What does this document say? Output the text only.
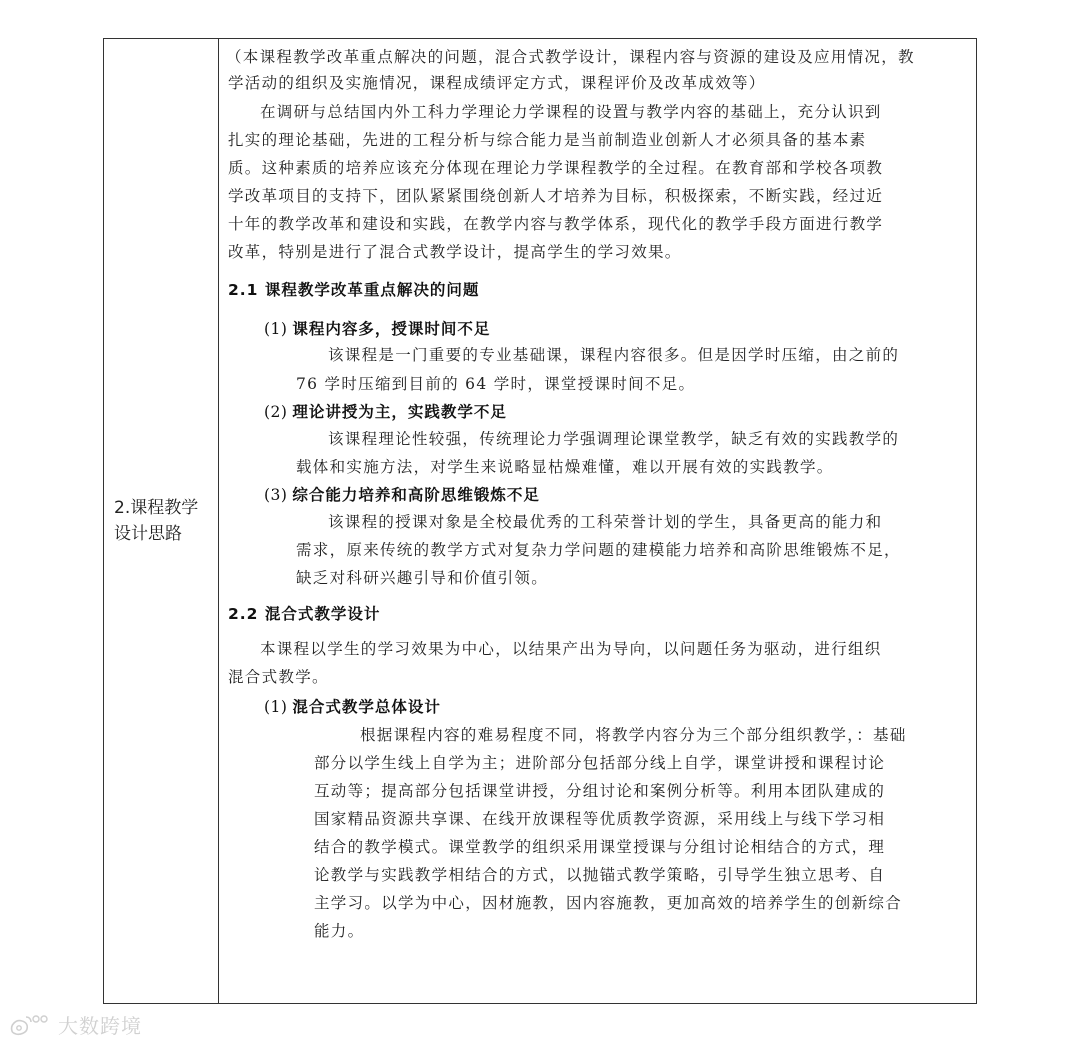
2.课程教学
设计思路
（本课程教学改革重点解决的问题，混合式教学设计，课程内容与资源的建设及应用情况，教
学活动的组织及实施情况，课程成绩评定方式，课程评价及改革成效等）
在调研与总结国内外工科力学理论力学课程的设置与教学内容的基础上，充分认识到
扎实的理论基础，先进的工程分析与综合能力是当前制造业创新人才必须具备的基本素
质。这种素质的培养应该充分体现在理论力学课程教学的全过程。在教育部和学校各项教
学改革项目的支持下，团队紧紧围绕创新人才培养为目标，积极探索，不断实践，经过近
十年的教学改革和建设和实践，在教学内容与教学体系，现代化的教学手段方面进行教学
改革，特别是进行了混合式教学设计，提高学生的学习效果。
2.1 课程教学改革重点解决的问题
(1) 课程内容多，授课时间不足
该课程是一门重要的专业基础课，课程内容很多。但是因学时压缩，由之前的
76 学时压缩到目前的 64 学时，课堂授课时间不足。
(2) 理论讲授为主，实践教学不足
该课程理论性较强，传统理论力学强调理论课堂教学，缺乏有效的实践教学的
载体和实施方法，对学生来说略显枯燥难懂，难以开展有效的实践教学。
(3) 综合能力培养和高阶思维锻炼不足
该课程的授课对象是全校最优秀的工科荣誉计划的学生，具备更高的能力和
需求，原来传统的教学方式对复杂力学问题的建模能力培养和高阶思维锻炼不足，
缺乏对科研兴趣引导和价值引领。
2.2 混合式教学设计
本课程以学生的学习效果为中心，以结果产出为导向，以问题任务为驱动，进行组织
混合式教学。
(1) 混合式教学总体设计
根据课程内容的难易程度不同，将教学内容分为三个部分组织教学，：基础
部分以学生线上自学为主；进阶部分包括部分线上自学，课堂讲授和课程讨论
互动等；提高部分包括课堂讲授，分组讨论和案例分析等。利用本团队建成的
国家精品资源共享课、在线开放课程等优质教学资源，采用线上与线下学习相
结合的教学模式。课堂教学的组织采用课堂授课与分组讨论相结合的方式，理
论教学与实践教学相结合的方式，以抛锚式教学策略，引导学生独立思考、自
主学习。以学为中心，因材施教，因内容施教，更加高效的培养学生的创新综合
能力。
大数跨境
